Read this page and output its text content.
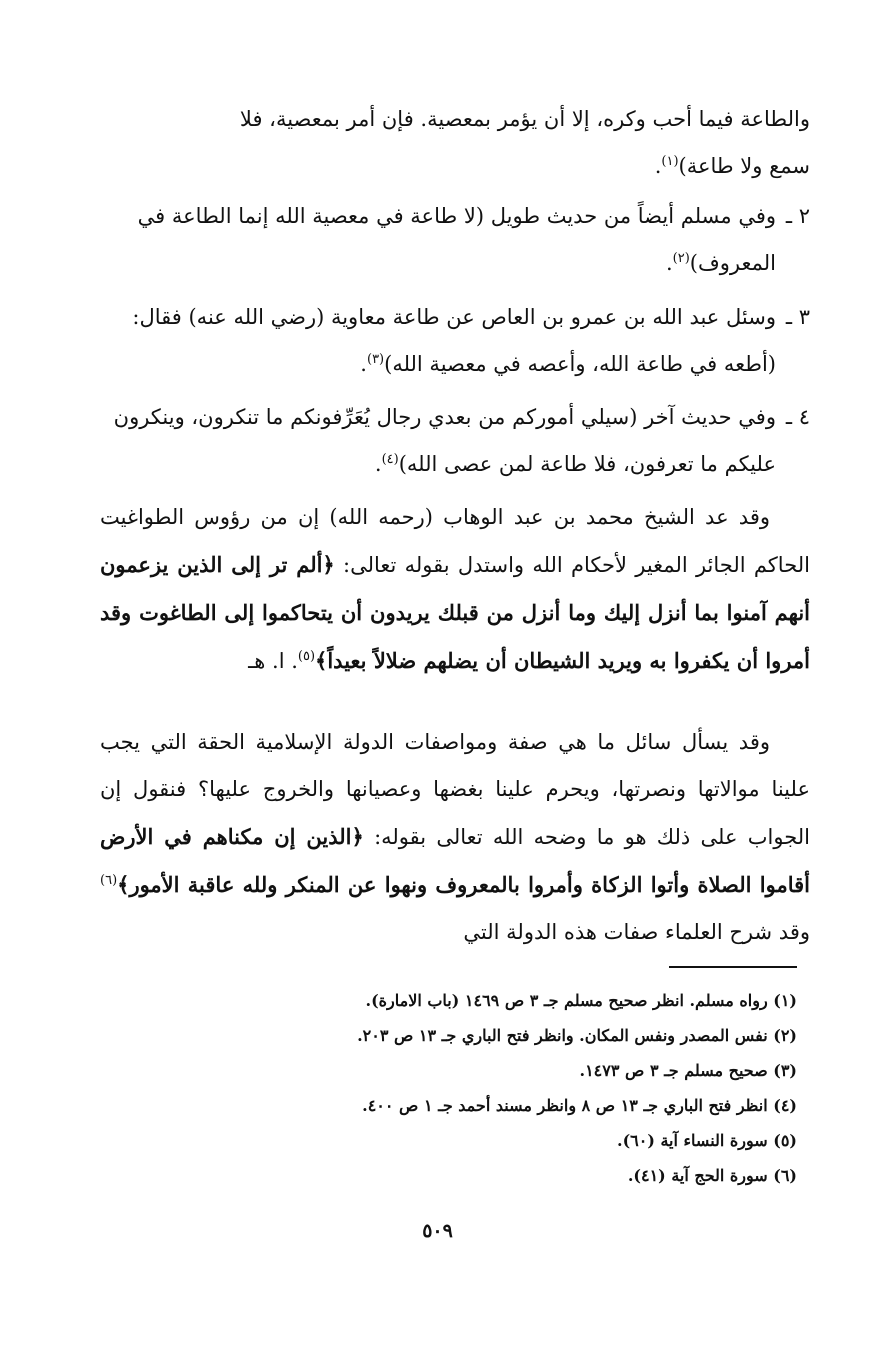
والطاعة فيما أحب وكره، إلا أن يؤمر بمعصية. فإن أمر بمعصية، فلا
سمع ولا طاعة)$^{(١)}$.
٢ ـ
وفي مسلم أيضاً من حديث طويل (لا طاعة في معصية الله إنما الطاعة في المعروف)$^{(٢)}$.
٣ ـ
وسئل عبد الله بن عمرو بن العاص عن طاعة معاوية (رضي الله عنه) فقال: (أطعه في طاعة الله، وأعصه في معصية الله)$^{(٣)}$.
٤ ـ
وفي حديث آخر (سيلي أموركم من بعدي رجال يُعَرِّفونكم ما تنكرون، وينكرون عليكم ما تعرفون، فلا طاعة لمن عصى الله)$^{(٤)}$.
وقد عد الشيخ محمد بن عبد الوهاب (رحمه الله) إن من رؤوس الطواغيت الحاكم الجائر المغير لأحكام الله واستدل بقوله تعالى: ﴿ألم تر إلى الذين يزعمون أنهم آمنوا بما أنزل إليك وما أنزل من قبلك يريدون أن يتحاكموا إلى الطاغوت وقد أمروا أن يكفروا به ويريد الشيطان أن يضلهم ضلالاً بعيداً﴾$^{(٥)}$. ا. هـ
وقد يسأل سائل ما هي صفة ومواصفات الدولة الإسلامية الحقة التي يجب علينا موالاتها ونصرتها، ويحرم علينا بغضها وعصيانها والخروج عليها؟ فنقول إن الجواب على ذلك هو ما وضحه الله تعالى بقوله: ﴿الذين إن مكناهم في الأرض أقاموا الصلاة وأتوا الزكاة وأمروا بالمعروف ونهوا عن المنكر ولله عاقبة الأمور﴾$^{(٦)}$ وقد شرح العلماء صفات هذه الدولة التي
(١) رواه مسلم. انظر صحيح مسلم جـ ٣ ص ١٤٦٩ (باب الامارة).
(٢) نفس المصدر ونفس المكان. وانظر فتح الباري جـ ١٣ ص ٢٠٣.
(٣) صحيح مسلم جـ ٣ ص ١٤٧٣.
(٤) انظر فتح الباري جـ ١٣ ص ٨ وانظر مسند أحمد جـ ١ ص ٤٠٠.
(٥) سورة النساء آية (٦٠).
(٦) سورة الحج آية (٤١).
٥٠٩
